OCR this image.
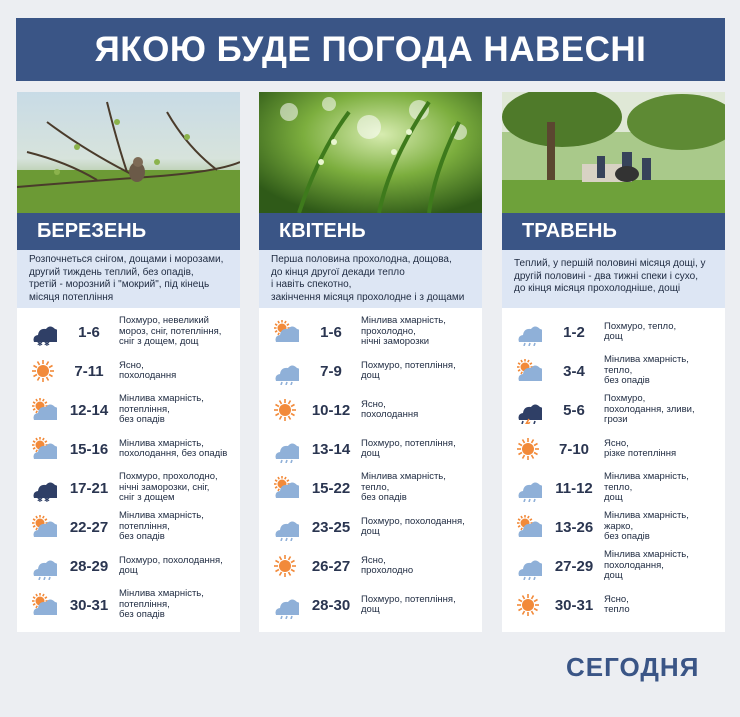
ЯКОЮ БУДЕ ПОГОДА НАВЕСНІ
БЕРЕЗЕНЬ
Розпочнеться снігом, дощами і морозами,
другий тиждень теплий, без опадів,
третій - морозний і "мокрий", під кінець
місяця потепління
✱ ✱
1-6
Похмуро, невеликий
мороз, сніг, потепління,
сніг з дощем, дощ
7-11	Ясно,
похолодання
12-14
Мінлива хмарність,
потепління,
без опадів
15-16	Мінлива хмарність,
похолодання, без опадів
✱ ✱
17-21
Похмуро, прохолодно,
нічні заморозки, сніг,
сніг з дощем
22-27
Мінлива хмарність,
потепління,
без опадів
28-29	Похмуро, похолодання,
дощ
30-31
Мінлива хмарність,
потепління,
без опадів
КВІТЕНЬ
Перша половина прохолодна, дощова,
до кінця другої декади тепло
і навіть спекотно,
закінчення місяця прохолодне і з дощами
1-6
Мінлива хмарність,
прохолодно,
нічні заморозки
7-9	Похмуро, потепління,
дощ
10-12	Ясно,
похолодання
13-14	Похмуро, потепління,
дощ
15-22
Мінлива хмарність,
тепло,
без опадів
23-25	Похмуро, похолодання,
дощ
26-27	Ясно,
прохолодно
28-30	Похмуро, потепління,
дощ
ТРАВЕНЬ
Теплий, у першій половині місяця дощі, у
другій половині - два тижні спеки і сухо,
до кінця місяця прохолодніше, дощі
1-2	Похмуро, тепло,
дощ
3-4
Мінлива хмарність,
тепло,
без опадів
5-6
Похмуро,
похолодання, зливи,
грози
7-10	Ясно,
різке потепління
11-12
Мінлива хмарність,
тепло,
дощ
13-26
Мінлива хмарність,
жарко,
без опадів
27-29
Мінлива хмарність,
похолодання,
дощ
30-31	Ясно,
тепло
СЕГОДНЯ
